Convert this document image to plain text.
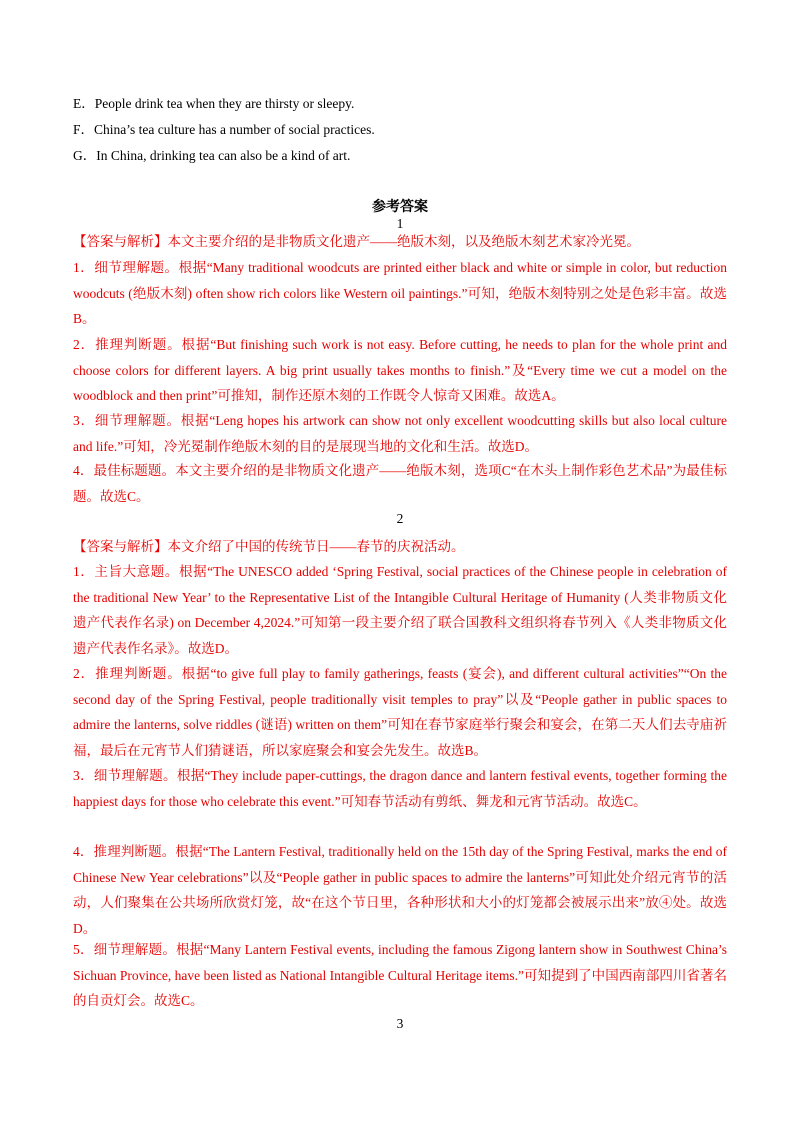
E．People drink tea when they are thirsty or sleepy.
F．China’s tea culture has a number of social practices.
G．In China, drinking tea can also be a kind of art.
参考答案
1
【答案与解析】本文主要介绍的是非物质文化遗产——绝版木刻，以及绝版木刻艺术家冷光冕。
1．细节理解题。根据“Many traditional woodcuts are printed either black and white or simple in color, but reduction woodcuts (绝版木刻) often show rich colors like Western oil paintings.”可知，绝版木刻特别之处是色彩丰富。故选B。
2．推理判断题。根据“But finishing such work is not easy. Before cutting, he needs to plan for the whole print and choose colors for different layers. A big print usually takes months to finish.”及“Every time we cut a model on the woodblock and then print”可推知，制作还原木刻的工作既令人惊奇又困难。故选A。
3．细节理解题。根据“Leng hopes his artwork can show not only excellent woodcutting skills but also local culture and life.”可知，冷光冕制作绝版木刻的目的是展现当地的文化和生活。故选D。
4．最佳标题题。本文主要介绍的是非物质文化遗产——绝版木刻，选项C“在木头上制作彩色艺术品”为最佳标题。故选C。
2
【答案与解析】本文介绍了中国的传统节日——春节的庆祝活动。
1．主旨大意题。根据“The UNESCO added ‘Spring Festival, social practices of the Chinese people in celebration of the traditional New Year’ to the Representative List of the Intangible Cultural Heritage of Humanity (人类非物质文化遗产代表作名录) on December 4,2024.”可知第一段主要介绍了联合国教科文组织将春节列入《人类非物质文化遗产代表作名录》。故选D。
2．推理判断题。根据“to give full play to family gatherings, feasts (宴会), and different cultural activities”“On the second day of the Spring Festival, people traditionally visit temples to pray”以及“People gather in public spaces to admire the lanterns, solve riddles (谜语) written on them”可知在春节家庭举行聚会和宴会，在第二天人们去寺庙祈福，最后在元宵节人们猜谜语，所以家庭聚会和宴会先发生。故选B。
3．细节理解题。根据“They include paper-cuttings, the dragon dance and lantern festival events, together forming the happiest days for those who celebrate this event.”可知春节活动有剪纸、舞龙和元宵节活动。故选C。
4．推理判断题。根据“The Lantern Festival, traditionally held on the 15th day of the Spring Festival, marks the end of Chinese New Year celebrations”以及“People gather in public spaces to admire the lanterns”可知此处介绍元宵节的活动，人们聚集在公共场所欣赏灯笼，故“在这个节日里，各种形状和大小的灯笼都会被展示出来”放④处。故选D。
5．细节理解题。根据“Many Lantern Festival events, including the famous Zigong lantern show in Southwest China’s Sichuan Province, have been listed as National Intangible Cultural Heritage items.”可知提到了中国西南部四川省著名的自贡灯会。故选C。
3
